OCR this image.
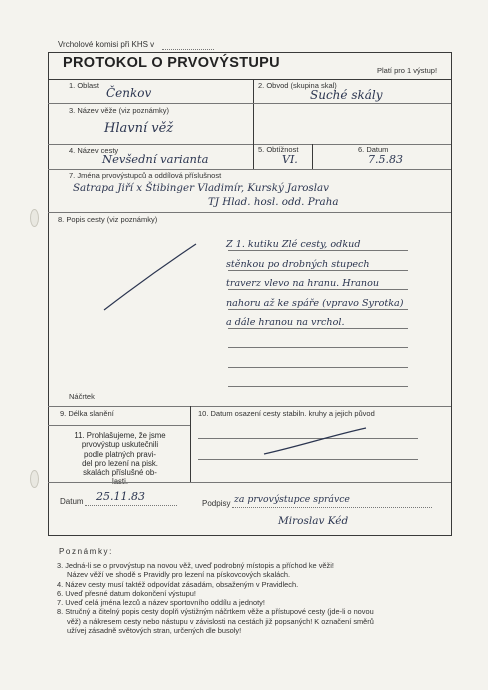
Vrcholové komisi při KHS v
PROTOKOL O PRVOVÝSTUPU	Platí pro 1 výstup!
1. Oblast
Čenkov
2. Obvod (skupina skal)
Suché skály
3. Název věže (viz poznámky)
Hlavní věž
4. Název cesty
Nevšední varianta
5. Obtížnost
VI.
6. Datum
7.5.83
7. Jména prvovýstupců a oddílová příslušnost
Satrapa Jiří x Štibinger Vladimír, Kurský Jaroslav
TJ Hlad. hosl. odd. Praha
8. Popis cesty (viz poznámky)
Z 1. kutiku Zlé cesty, odkud
stěnkou po drobných stupech
traverz vlevo na hranu. Hranou
nahoru až ke spáře (vpravo Syrotka)
a dále hranou na vrchol.
Náčrtek
9. Délka slanění	10. Datum osazení cesty stabiln. kruhy a jejich původ
11. Prohlašujeme, že jsme
prvovýstup uskutečnili
podle platných pravi-
del pro lezení na pisk.
skalách příslušné ob-
lasti.
Datum 25.11.83
Podpisy za prvovýstupce správce
Miroslav Kéd
Poznámky:
3. Jedná-li se o prvovýstup na novou věž, uveď podrobný místopis a příchod ke věži!
Název věží ve shodě s Pravidly pro lezení na pískovcových skalách.
4. Název cesty musí taktéž odpovídat zásadám, obsaženým v Pravidlech.
6. Uveď přesné datum dokončení výstupu!
7. Uveď celá jména lezců a název sportovního oddílu a jednoty!
8. Stručný a čitelný popis cesty doplň výstižným náčrtkem věže a přístupové cesty (jde-li o novou
věž) a nákresem cesty nebo nástupu v závislosti na cestách již popsaných! K označení směrů
užívej zásadně světových stran, určených dle busoly!
